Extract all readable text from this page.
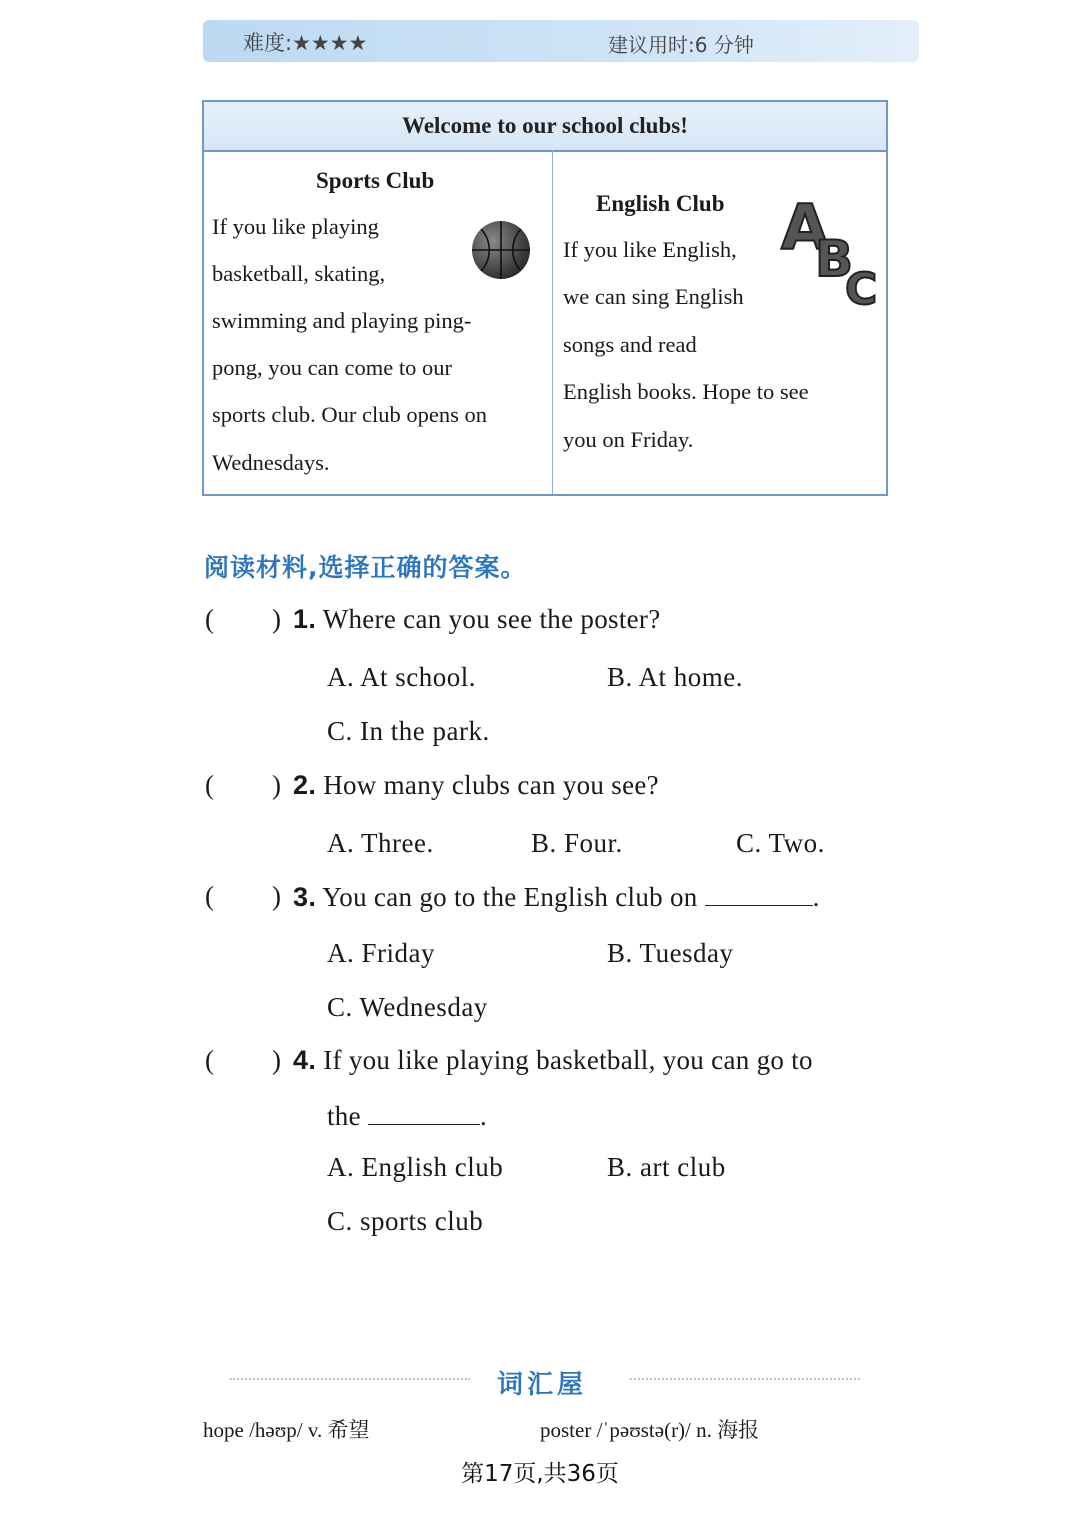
难度:★★★★	建议用时:6 分钟
Welcome to our school clubs!
Sports Club
If you like playing
basketball, skating,
swimming and playing ping-
pong, you can come to our
sports club. Our club opens on
Wednesdays.
English Club
If you like English,
we can sing English
songs and read
English books. Hope to see
you on Friday.
A
B
C
阅读材料,选择正确的答案。
( ) 1. Where can you see the poster?
A. At school.	B. At home.
C. In the park.
( ) 2. How many clubs can you see?
A. Three.	B. Four.	C. Two.
( ) 3. You can go to the English club on	.
A. Friday	B. Tuesday
C. Wednesday
( ) 4. If you like playing basketball, you can go to
the	.
A. English club	B. art club
C. sports club
词汇屋
hope /həʊp/ v. 希望	poster /ˈpəʊstə(r)/ n. 海报
第17页,共36页
